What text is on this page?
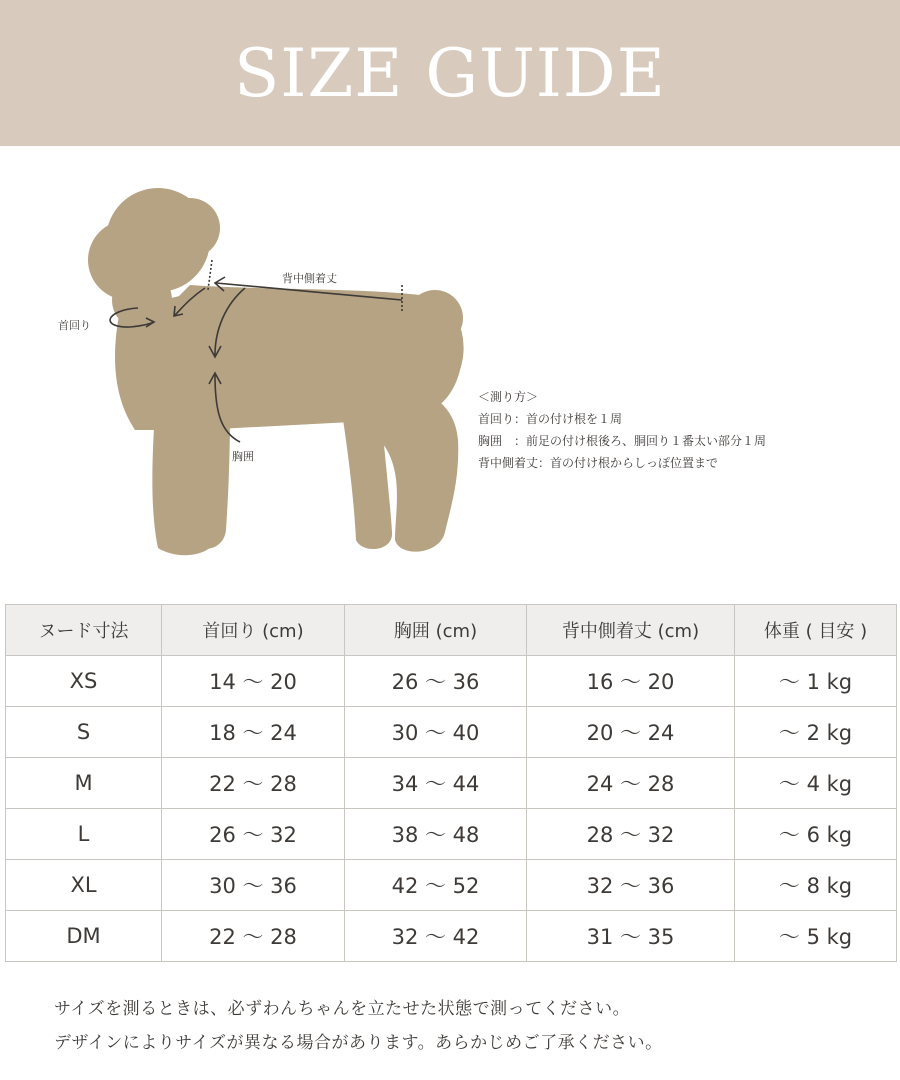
SIZE GUIDE
首回り
胸囲
背中側着丈
＜測り方＞
首回り：首の付け根を１周
胸囲　：前足の付け根後ろ、胴回り１番太い部分１周
背中側着丈：首の付け根からしっぽ位置まで
ヌード寸法	首回り (cm)	胸囲 (cm)	背中側着丈 (cm)	体重 ( 目安 )
XS	14 ～ 20	26 ～ 36	16 ～ 20	～ 1 kg
S	18 ～ 24	30 ～ 40	20 ～ 24	～ 2 kg
M	22 ～ 28	34 ～ 44	24 ～ 28	～ 4 kg
L	26 ～ 32	38 ～ 48	28 ～ 32	～ 6 kg
XL	30 ～ 36	42 ～ 52	32 ～ 36	～ 8 kg
DM	22 ～ 28	32 ～ 42	31 ～ 35	～ 5 kg
サイズを測るときは、必ずわんちゃんを立たせた状態で測ってください。
デザインによりサイズが異なる場合があります。あらかじめご了承ください。
